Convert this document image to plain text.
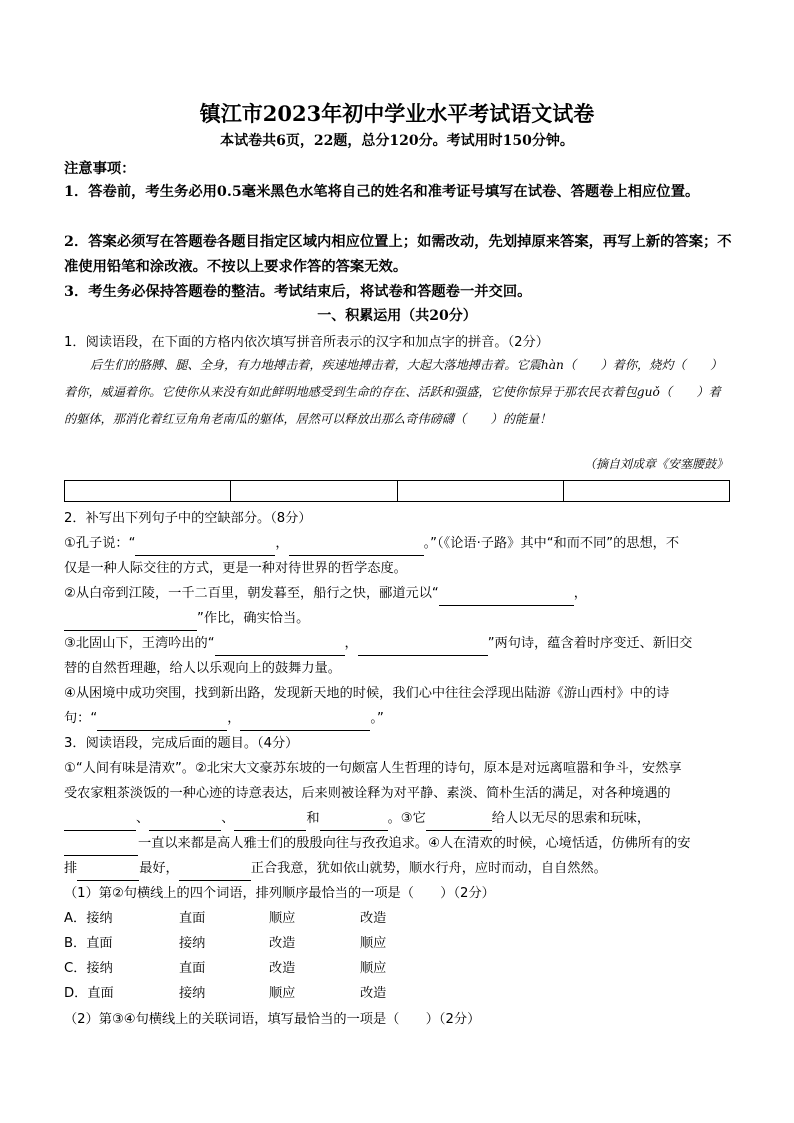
镇江市2023年初中学业水平考试语文试卷
本试卷共6页，22题，总分120分。考试用时150分钟。
注意事项：
1．答卷前，考生务必用0.5毫米黑色水笔将自己的姓名和准考证号填写在试卷、答题卷上相应位置。
2．答案必须写在答题卷各题目指定区域内相应位置上；如需改动，先划掉原来答案，再写上新的答案；不准使用铅笔和涂改液。不按以上要求作答的答案无效。
3．考生务必保持答题卷的整洁。考试结束后，将试卷和答题卷一并交回。
一、积累运用（共20分）
1．阅读语段，在下面的方格内依次填写拼音所表示的汉字和加点字的拼音。（2分）
后生们的胳膊、腿、全身，有力地搏击着，疾速地搏击着，大起大落地搏击着。它震hàn（　　）着你，烧灼（　　）着你，威逼着你。它使你从来没有如此鲜明地感受到生命的存在、活跃和强盛，它使你惊异于那农民衣着包guǒ（　　）着的躯体，那消化着红豆角角老南瓜的躯体，居然可以释放出那么奇伟磅礴（　　）的能量！
（摘自刘成章《安塞腰鼓》
2．补写出下列句子中的空缺部分。（8分）
①孔子说：“	，	。”（《论语·子路》其中“和而不同”的思想，不
仅是一种人际交往的方式，更是一种对待世界的哲学态度。
②从白帝到江陵，一千二百里，朝发暮至，船行之快，郦道元以“	，
”作比，确实恰当。
③北固山下，王湾吟出的“	，	”两句诗，蕴含着时序变迁、新旧交
替的自然哲理趣，给人以乐观向上的鼓舞力量。
④从困境中成功突围，找到新出路，发现新天地的时候，我们心中往往会浮现出陆游《游山西村》中的诗
句：“	，	。”
3．阅读语段，完成后面的题目。（4分）
①“人间有味是清欢”。②北宋大文豪苏东坡的一句颇富人生哲理的诗句，原本是对远离喧嚣和争斗，安然享
受农家粗茶淡饭的一种心迹的诗意表达，后来则被诠释为对平静、素淡、简朴生活的满足，对各种境遇的
、	、	和	。③它	给人以无尽的思索和玩味，
一直以来都是高人雅士们的殷殷向往与孜孜追求。④人在清欢的时候，心境恬适，仿佛所有的安
排	最好，	正合我意，犹如依山就势，顺水行舟，应时而动，自自然然。
（1）第②句横线上的四个词语，排列顺序最恰当的一项是（　　）（2分）
A．接纳	直面	顺应	改造
B．直面	接纳	改造	顺应
C．接纳	直面	改造	顺应
D．直面	接纳	顺应	改造
（2）第③④句横线上的关联词语，填写最恰当的一项是（　　）（2分）
